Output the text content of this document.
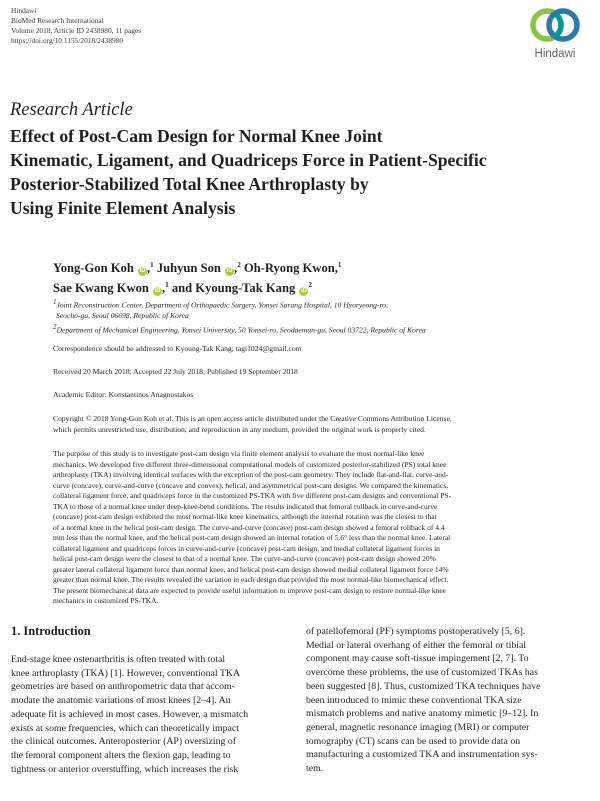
Hindawi
BioMed Research International
Volume 2018, Article ID 2438980, 11 pages
https://doi.org/10.1155/2018/2438980
Hindawi
Research Article
Effect of Post-Cam Design for Normal Knee Joint
Kinematic, Ligament, and Quadriceps Force in Patient-Specific
Posterior-Stabilized Total Knee Arthroplasty by
Using Finite Element Analysis
Yong-Gon Koh iD ,$^1$ Juhyun Son iD ,$^2$ Oh-Ryong Kwon,$^1$
Sae Kwang Kwon iD ,$^1$ and Kyoung-Tak Kang $iD^2$
$^1$Joint Reconstruction Center, Department of Orthopaedic Surgery, Yonsei Sarang Hospital, 10 Hyoryeong-ro,
Seocho-gu, Seoul 06698, Republic of Korea
$^2$Department of Mechanical Engineering, Yonsei University, 50 Yonsei-ro, Seodaemun-gu, Seoul 03722, Republic of Korea
Correspondence should be addressed to Kyoung-Tak Kang; tagi1024@gmail.com
Received 20 March 2018; Accepted 22 July 2018; Published 19 September 2018
Academic Editor: Konstantinos Anagnostakos
Copyright © 2018 Yong-Gon Koh et al. This is an open access article distributed under the Creative Commons Attribution License,
which permits unrestricted use, distribution, and reproduction in any medium, provided the original work is properly cited.
The purpose of this study is to investigate post-cam design via finite element analysis to evaluate the most normal-like knee
mechanics. We developed five different three-dimensional computational models of customized posterior-stabilized (PS) total knee
arthroplasty (TKA) involving identical surfaces with the exception of the post-cam geometry. They include flat-and-flat, curve-and-
curve (concave), curve-and-curve (concave and convex), helical, and asymmetrical post-cam designs. We compared the kinematics,
collateral ligament force, and quadriceps force in the customized PS-TKA with five different post-cam designs and conventional PS-
TKA to those of a normal knee under deep-knee-bend conditions. The results indicated that femoral rollback in curve-and-curve
(concave) post-cam design exhibited the most normal-like knee kinematics, although the internal rotation was the closest to that
of a normal knee in the helical post-cam design. The curve-and-curve (concave) post-cam design showed a femoral rollback of 4.4
mm less than the normal knee, and the helical post-cam design showed an internal rotation of 5.6° less than the normal knee. Lateral
collateral ligament and quadriceps forces in curve-and-curve (concave) post-cam design, and medial collateral ligament forces in
helical post-cam design were the closest to that of a normal knee. The curve-and-curve (concave) post-cam design showed 20%
greater lateral collateral ligament force than normal knee, and helical post-cam design showed medial collateral ligament force 14%
greater than normal knee. The results revealed the variation in each design that provided the most normal-like biomechanical effect.
The present biomechanical data are expected to provide useful information to improve post-cam design to restore normal-like knee
mechanics in customized PS-TKA.
1. Introduction
End-stage knee osteoarthritis is often treated with total
knee arthroplasty (TKA) [1]. However, conventional TKA
geometries are based on anthropometric data that accom-
modate the anatomic variations of most knees [2–4]. An
adequate fit is achieved in most cases. However, a mismatch
exists at some frequencies, which can theoretically impact
the clinical outcomes. Anteroposterior (AP) oversizing of
the femoral component alters the flexion gap, leading to
tightness or anterior overstuffing, which increases the risk
of patellofemoral (PF) symptoms postoperatively [5, 6].
Medial or lateral overhang of either the femoral or tibial
component may cause soft-tissue impingement [2, 7]. To
overcome these problems, the use of customized TKAs has
been suggested [8]. Thus, customized TKA techniques have
been introduced to mimic these conventional TKA size
mismatch problems and native anatomy mimetic [9–12]. In
general, magnetic resonance imaging (MRI) or computer
tomography (CT) scans can be used to provide data on
manufacturing a customized TKA and instrumentation sys-
tem.
